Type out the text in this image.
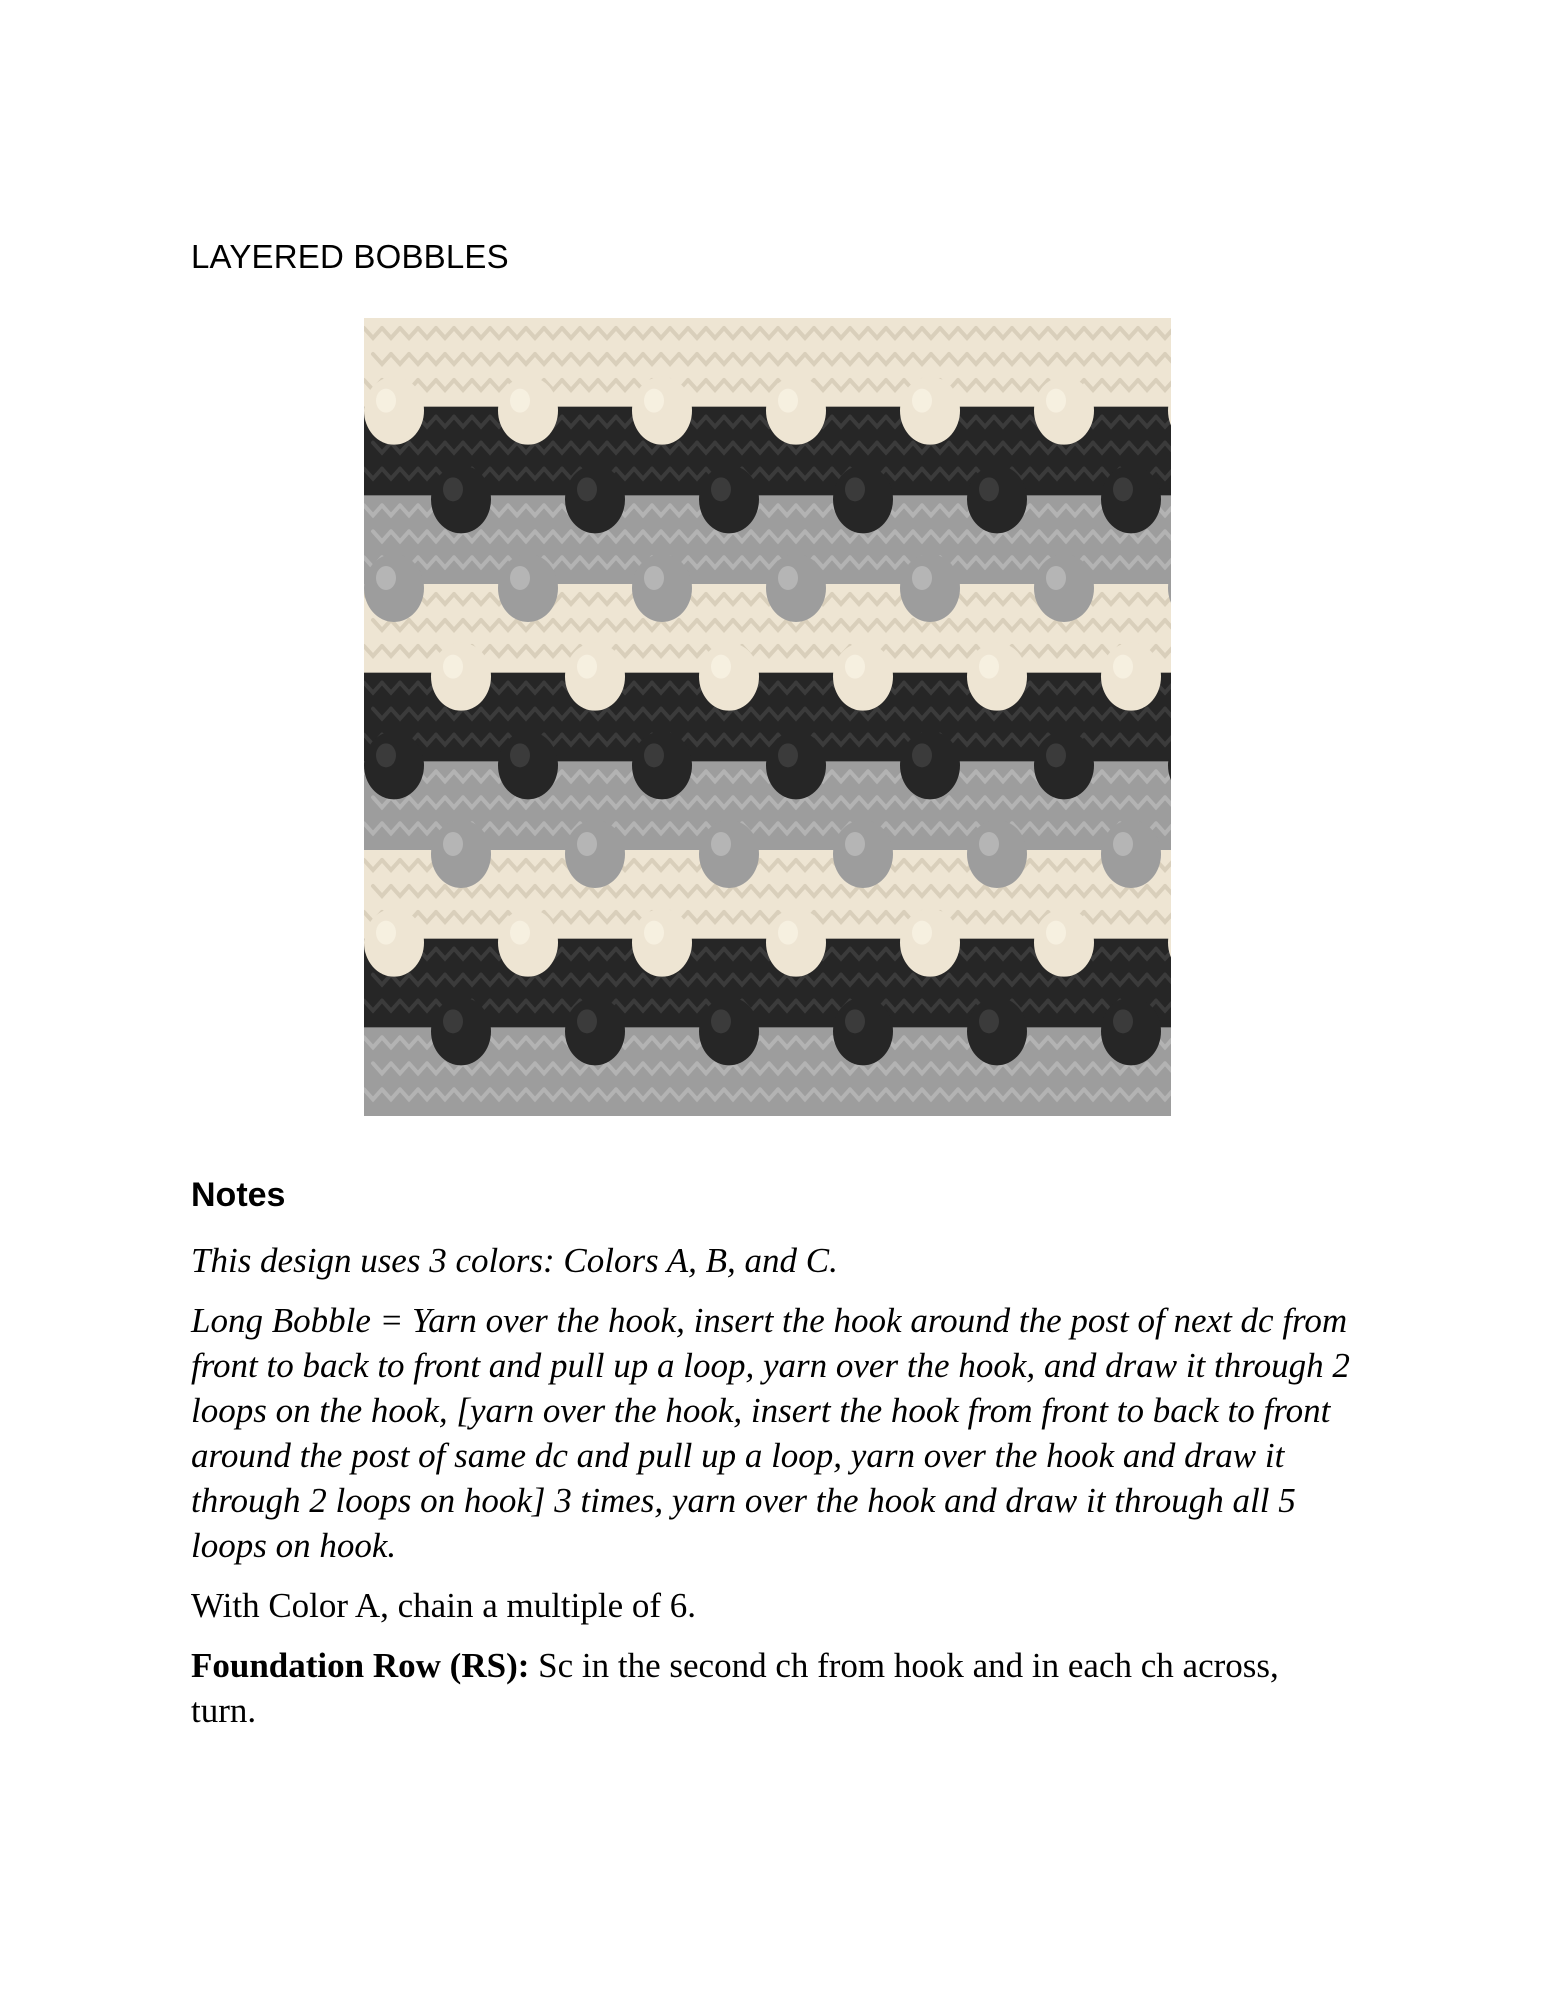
LAYERED BOBBLES
Notes
This design uses 3 colors: Colors A, B, and C.
Long Bobble = Yarn over the hook, insert the hook around the post of next dc from front to back to front and pull up a loop, yarn over the hook, and draw it through 2 loops on the hook, [yarn over the hook, insert the hook from front to back to front around the post of same dc and pull up a loop, yarn over the hook and draw it through 2 loops on hook] 3 times, yarn over the hook and draw it through all 5 loops on hook.
With Color A, chain a multiple of 6.
Foundation Row (RS): Sc in the second ch from hook and in each ch across, turn.
